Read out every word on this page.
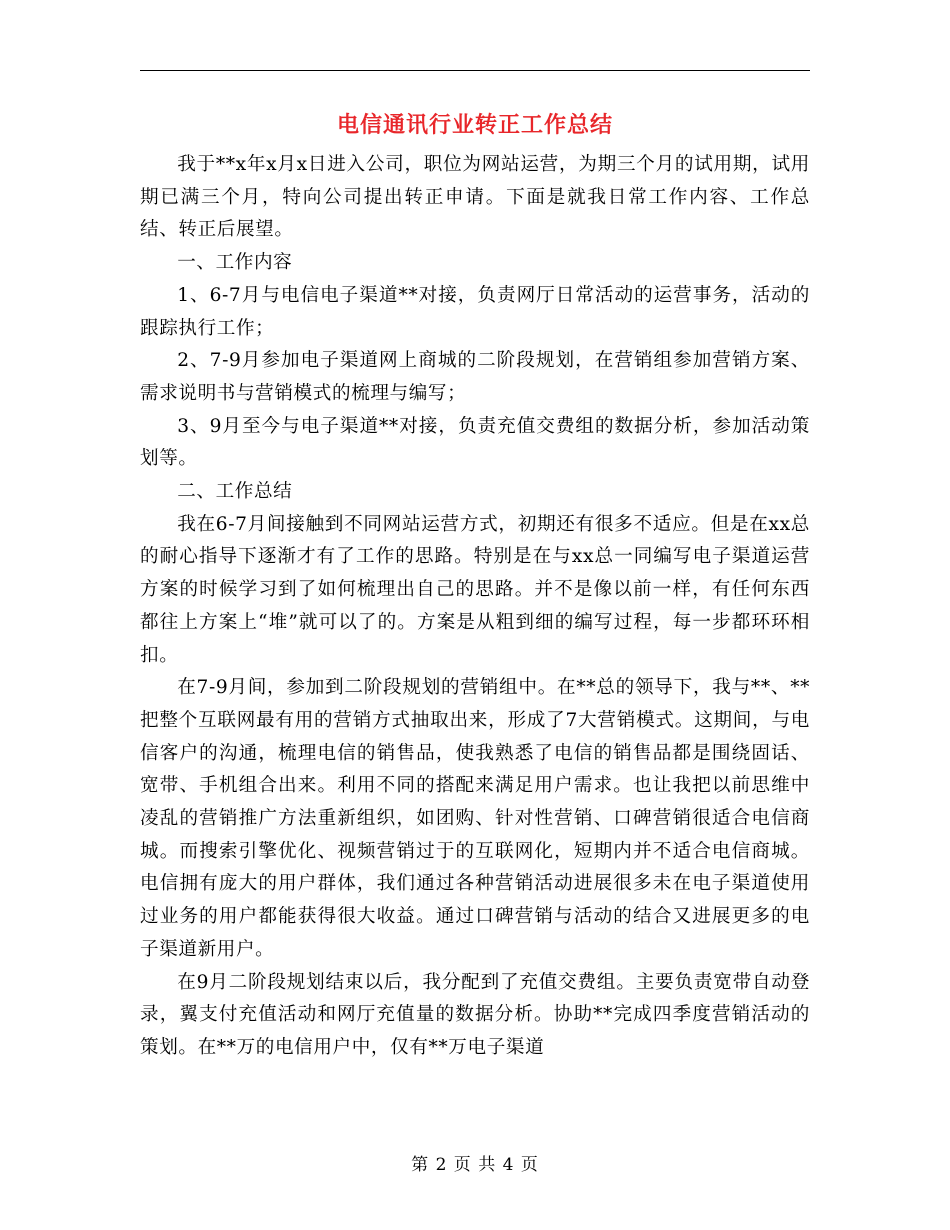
电信通讯行业转正工作总结

我于**x年x月x日进入公司，职位为网站运营，为期三个月的试用期，试用期已满三个月，特向公司提出转正申请。下面是就我日常工作内容、工作总结、转正后展望。

一、工作内容

1、6-7月与电信电子渠道**对接，负责网厅日常活动的运营事务，活动的跟踪执行工作；

2、7-9月参加电子渠道网上商城的二阶段规划，在营销组参加营销方案、需求说明书与营销模式的梳理与编写；

3、9月至今与电子渠道**对接，负责充值交费组的数据分析，参加活动策划等。

二、工作总结

我在6-7月间接触到不同网站运营方式，初期还有很多不适应。但是在xx总的耐心指导下逐渐才有了工作的思路。特别是在与xx总一同编写电子渠道运营方案的时候学习到了如何梳理出自己的思路。并不是像以前一样，有任何东西都往上方案上“堆”就可以了的。方案是从粗到细的编写过程，每一步都环环相扣。

在7-9月间，参加到二阶段规划的营销组中。在**总的领导下，我与**、**把整个互联网最有用的营销方式抽取出来，形成了7大营销模式。这期间，与电信客户的沟通，梳理电信的销售品，使我熟悉了电信的销售品都是围绕固话、宽带、手机组合出来。利用不同的搭配来满足用户需求。也让我把以前思维中凌乱的营销推广方法重新组织，如团购、针对性营销、口碑营销很适合电信商城。而搜索引擎优化、视频营销过于的互联网化，短期内并不适合电信商城。电信拥有庞大的用户群体，我们通过各种营销活动进展很多未在电子渠道使用过业务的用户都能获得很大收益。通过口碑营销与活动的结合又进展更多的电子渠道新用户。

在9月二阶段规划结束以后，我分配到了充值交费组。主要负责宽带自动登录，翼支付充值活动和网厅充值量的数据分析。协助**完成四季度营销活动的策划。在**万的电信用户中，仅有**万电子渠道

第 2 页 共 4 页
